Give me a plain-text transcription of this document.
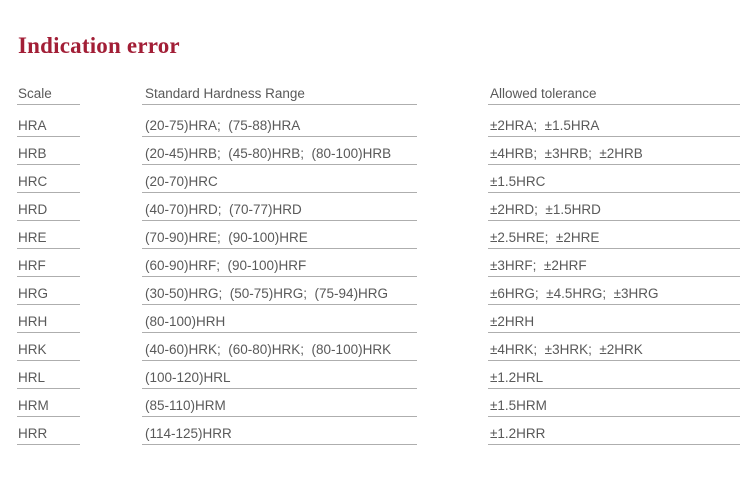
Indication error
Scale	Standard Hardness Range	Allowed tolerance
HRA	(20-75)HRA;  (75-88)HRA	±2HRA;  ±1.5HRA
HRB	(20-45)HRB;  (45-80)HRB;  (80-100)HRB	±4HRB;  ±3HRB;  ±2HRB
HRC	(20-70)HRC	±1.5HRC
HRD	(40-70)HRD;  (70-77)HRD	±2HRD;  ±1.5HRD
HRE	(70-90)HRE;  (90-100)HRE	±2.5HRE;  ±2HRE
HRF	(60-90)HRF;  (90-100)HRF	±3HRF;  ±2HRF
HRG	(30-50)HRG;  (50-75)HRG;  (75-94)HRG	±6HRG;  ±4.5HRG;  ±3HRG
HRH	(80-100)HRH	±2HRH
HRK	(40-60)HRK;  (60-80)HRK;  (80-100)HRK	±4HRK;  ±3HRK;  ±2HRK
HRL	(100-120)HRL	±1.2HRL
HRM	(85-110)HRM	±1.5HRM
HRR	(114-125)HRR	±1.2HRR
